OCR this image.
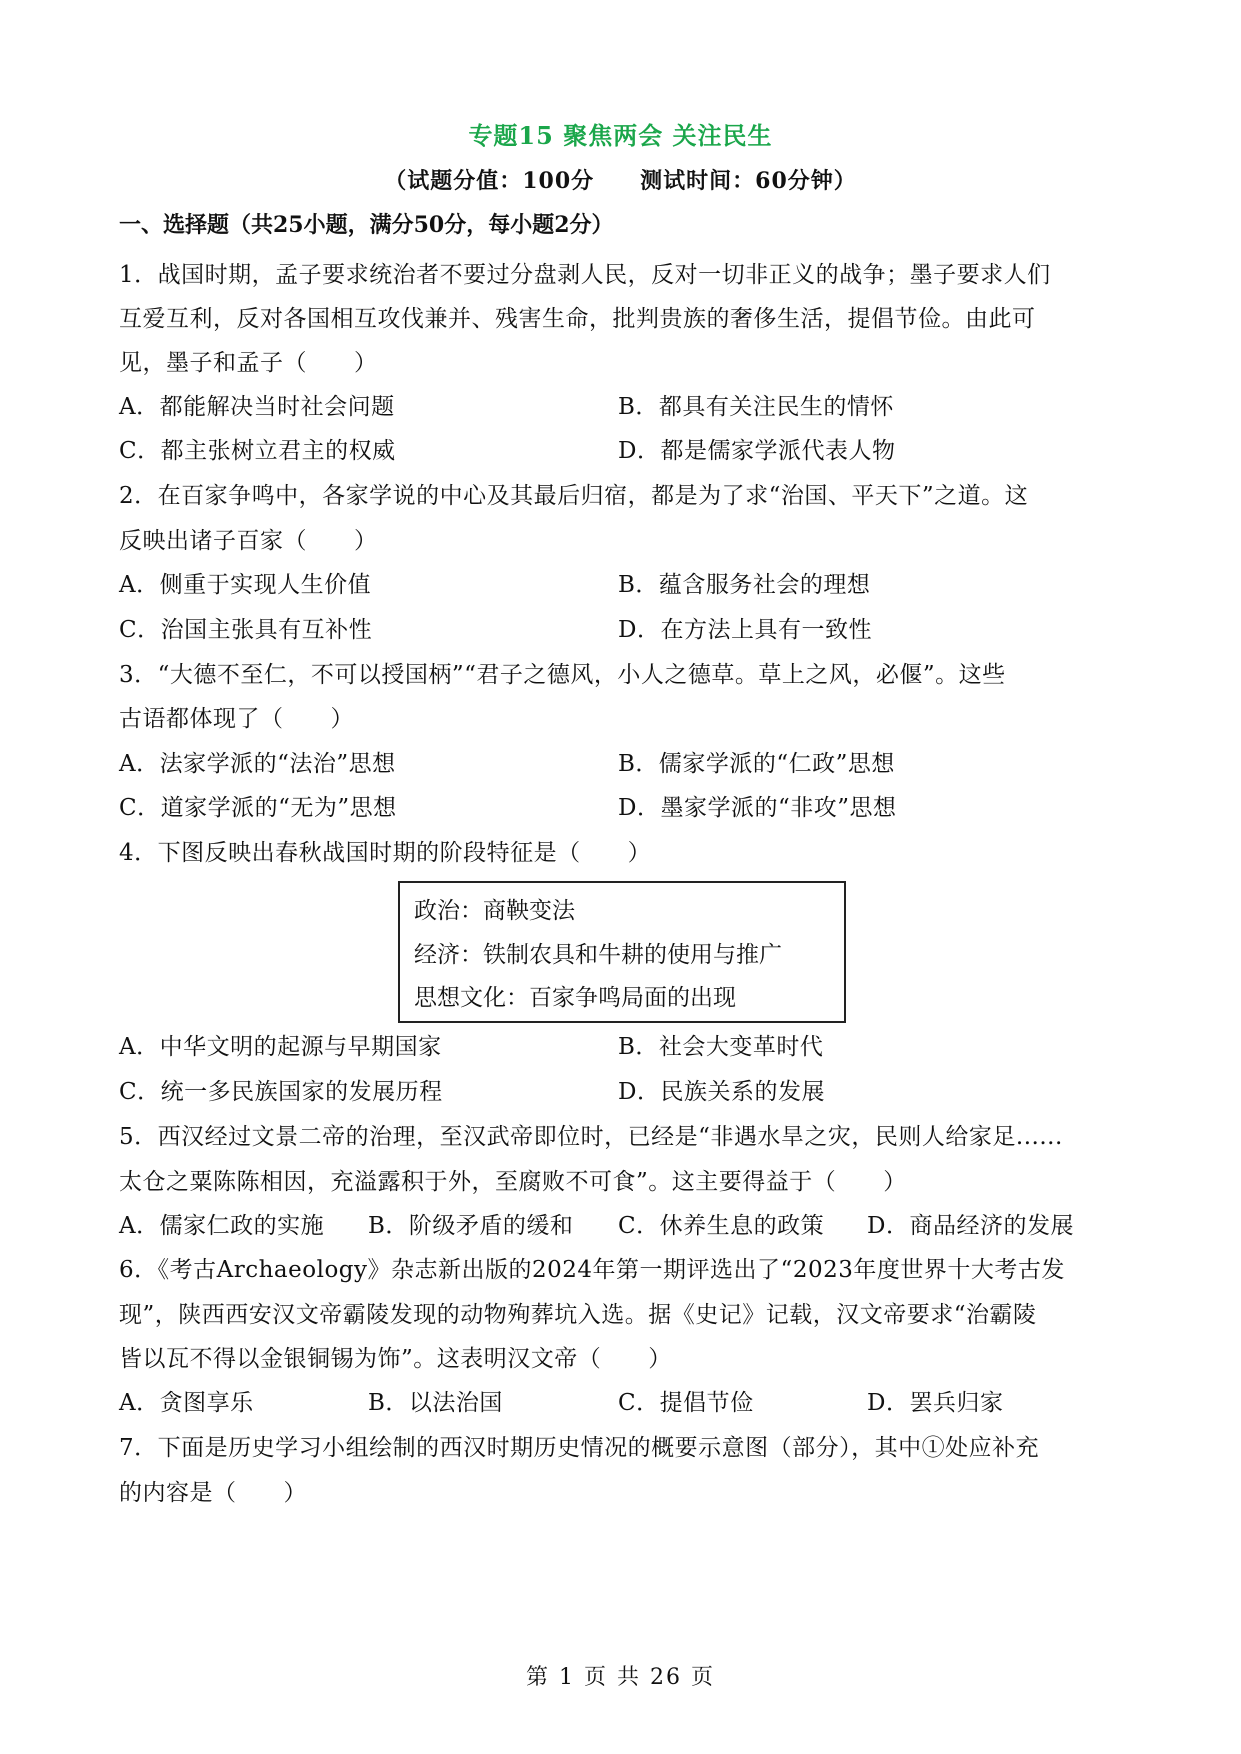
专题15 聚焦两会 关注民生
（试题分值：100分 测试时间：60分钟）
一、选择题（共25小题，满分50分，每小题2分）
1．战国时期，孟子要求统治者不要过分盘剥人民，反对一切非正义的战争；墨子要求人们
互爱互利，反对各国相互攻伐兼并、残害生命，批判贵族的奢侈生活，提倡节俭。由此可
见，墨子和孟子（　　）
A．都能解决当时社会问题	B．都具有关注民生的情怀
C．都主张树立君主的权威	D．都是儒家学派代表人物
2．在百家争鸣中，各家学说的中心及其最后归宿，都是为了求“治国、平天下”之道。这
反映出诸子百家（　　）
A．侧重于实现人生价值	B．蕴含服务社会的理想
C．治国主张具有互补性	D．在方法上具有一致性
3．“大德不至仁，不可以授国柄”“君子之德风，小人之德草。草上之风，必偃”。这些
古语都体现了（　　）
A．法家学派的“法治”思想	B．儒家学派的“仁政”思想
C．道家学派的“无为”思想	D．墨家学派的“非攻”思想
4．下图反映出春秋战国时期的阶段特征是（　　）
政治：商鞅变法
经济：铁制农具和牛耕的使用与推广
思想文化：百家争鸣局面的出现
A．中华文明的起源与早期国家	B．社会大变革时代
C．统一多民族国家的发展历程	D．民族关系的发展
5．西汉经过文景二帝的治理，至汉武帝即位时，已经是“非遇水旱之灾，民则人给家足......
太仓之粟陈陈相因，充溢露积于外，至腐败不可食”。这主要得益于（　　）
A．儒家仁政的实施 B．阶级矛盾的缓和 C．休养生息的政策 D．商品经济的发展
6．《考古Archaeology》杂志新出版的2024年第一期评选出了“2023年度世界十大考古发
现”，陕西西安汉文帝霸陵发现的动物殉葬坑入选。据《史记》记载，汉文帝要求“治霸陵
皆以瓦不得以金银铜锡为饰”。这表明汉文帝（　　）
A．贪图享乐	B．以法治国	C．提倡节俭	D．罢兵归家
7．下面是历史学习小组绘制的西汉时期历史情况的概要示意图（部分），其中①处应补充
的内容是（　　）
第 1 页 共 26 页
